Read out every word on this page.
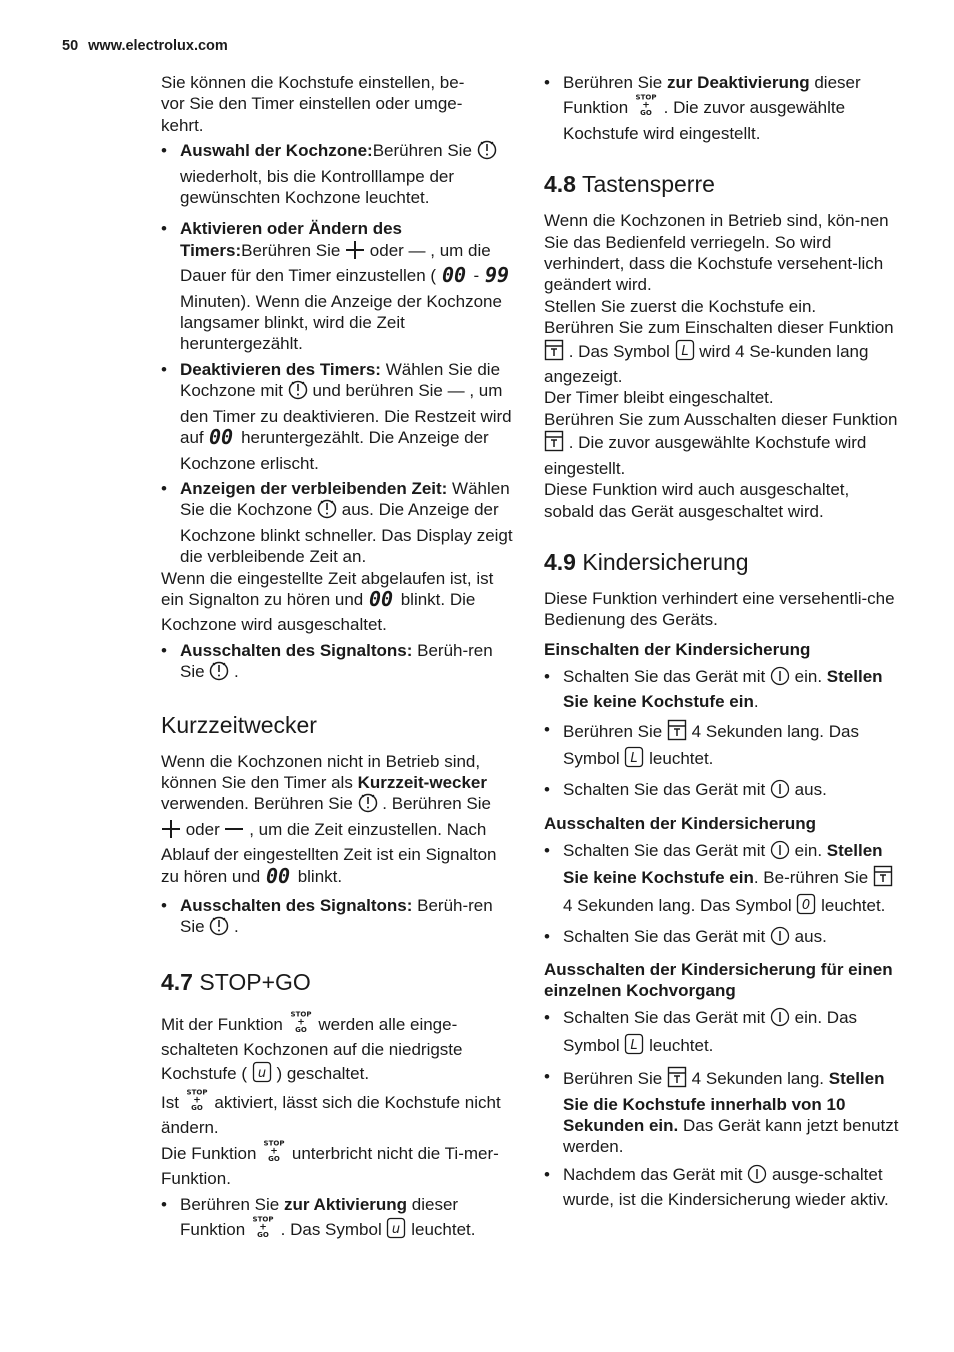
50 www.electrolux.com

Sie können die Kochstufe einstellen, be-
vor Sie den Timer einstellen oder umge-
kehrt.

• Auswahl der Kochzone:Berühren Sie  wiederholt, bis die Kontrolllampe der gewünschten Kochzone leuchtet.
• Aktivieren oder Ändern des Timers:Berühren Sie  oder — , um die Dauer für den Timer einzustellen ( 00 - 99
Minuten). Wenn die Anzeige der Kochzone langsamer blinkt, wird die Zeit heruntergezählt.
• Deaktivieren des Timers: Wählen Sie die Kochzone mit  und berühren Sie — , um den Timer zu deaktivieren. Die Restzeit wird auf 00 heruntergezählt. Die Anzeige der Kochzone erlischt.
• Anzeigen der verbleibenden Zeit: Wählen Sie die Kochzone  aus. Die Anzeige der Kochzone blinkt schneller. Das Display zeigt die verbleibende Zeit an.

Wenn die eingestellte Zeit abgelaufen ist, ist ein Signalton zu hören und 00 blinkt. Die Kochzone wird ausgeschaltet.

• Ausschalten des Signaltons: Berüh-ren Sie  .
Kurzzeitwecker

Wenn die Kochzonen nicht in Betrieb sind, können Sie den Timer als Kurzzeit-wecker verwenden. Berühren Sie  . Berühren Sie  oder  , um die Zeit einzustellen. Nach Ablauf der eingestellten Zeit ist ein Signalton zu hören und 00 blinkt.

• Ausschalten des Signaltons: Berüh-ren Sie  .
4.7 STOP+GO

Mit der Funktion
STOP
+
GO werden alle einge-schalteten Kochzonen auf die niedrigste Kochstufe ( u ) geschaltet.
Ist
STOP
+
GO aktiviert, lässt sich die Kochstufe nicht ändern.
Die Funktion
STOP
+
GO unterbricht nicht die Ti-mer-Funktion.

• Berühren Sie zur Aktivierung dieser Funktion
STOP
+
GO . Das Symbol u leuchtet.
• Berühren Sie zur Deaktivierung dieser Funktion
STOP
+
GO . Die zuvor ausgewählte Kochstufe wird eingestellt.
4.8 Tastensperre

Wenn die Kochzonen in Betrieb sind, kön-nen Sie das Bedienfeld verriegeln. So wird verhindert, dass die Kochstufe versehent-lich geändert wird.
Stellen Sie zuerst die Kochstufe ein.
Berühren Sie zum Einschalten dieser Funktion  . Das Symbol L wird 4 Se-kunden lang angezeigt.
Der Timer bleibt eingeschaltet.
Berühren Sie zum Ausschalten dieser Funktion  . Die zuvor ausgewählte Kochstufe wird eingestellt.
Diese Funktion wird auch ausgeschaltet, sobald das Gerät ausgeschaltet wird.

4.9 Kindersicherung

Diese Funktion verhindert eine versehentli-che Bedienung des Geräts.

Einschalten der Kindersicherung

• Schalten Sie das Gerät mit  ein. Stellen Sie keine Kochstufe ein.
• Berühren Sie  4 Sekunden lang. Das Symbol L leuchtet.
• Schalten Sie das Gerät mit  aus.

Ausschalten der Kindersicherung

• Schalten Sie das Gerät mit  ein. Stellen Sie keine Kochstufe ein. Be-rühren Sie  4 Sekunden lang. Das Symbol 0 leuchtet.
• Schalten Sie das Gerät mit  aus.

Ausschalten der Kindersicherung für einen einzelnen Kochvorgang

• Schalten Sie das Gerät mit  ein. Das Symbol L leuchtet.
• Berühren Sie  4 Sekunden lang. Stellen Sie die Kochstufe innerhalb von 10 Sekunden ein. Das Gerät kann jetzt benutzt werden.
• Nachdem das Gerät mit  ausge-schaltet wurde, ist die Kindersicherung wieder aktiv.
